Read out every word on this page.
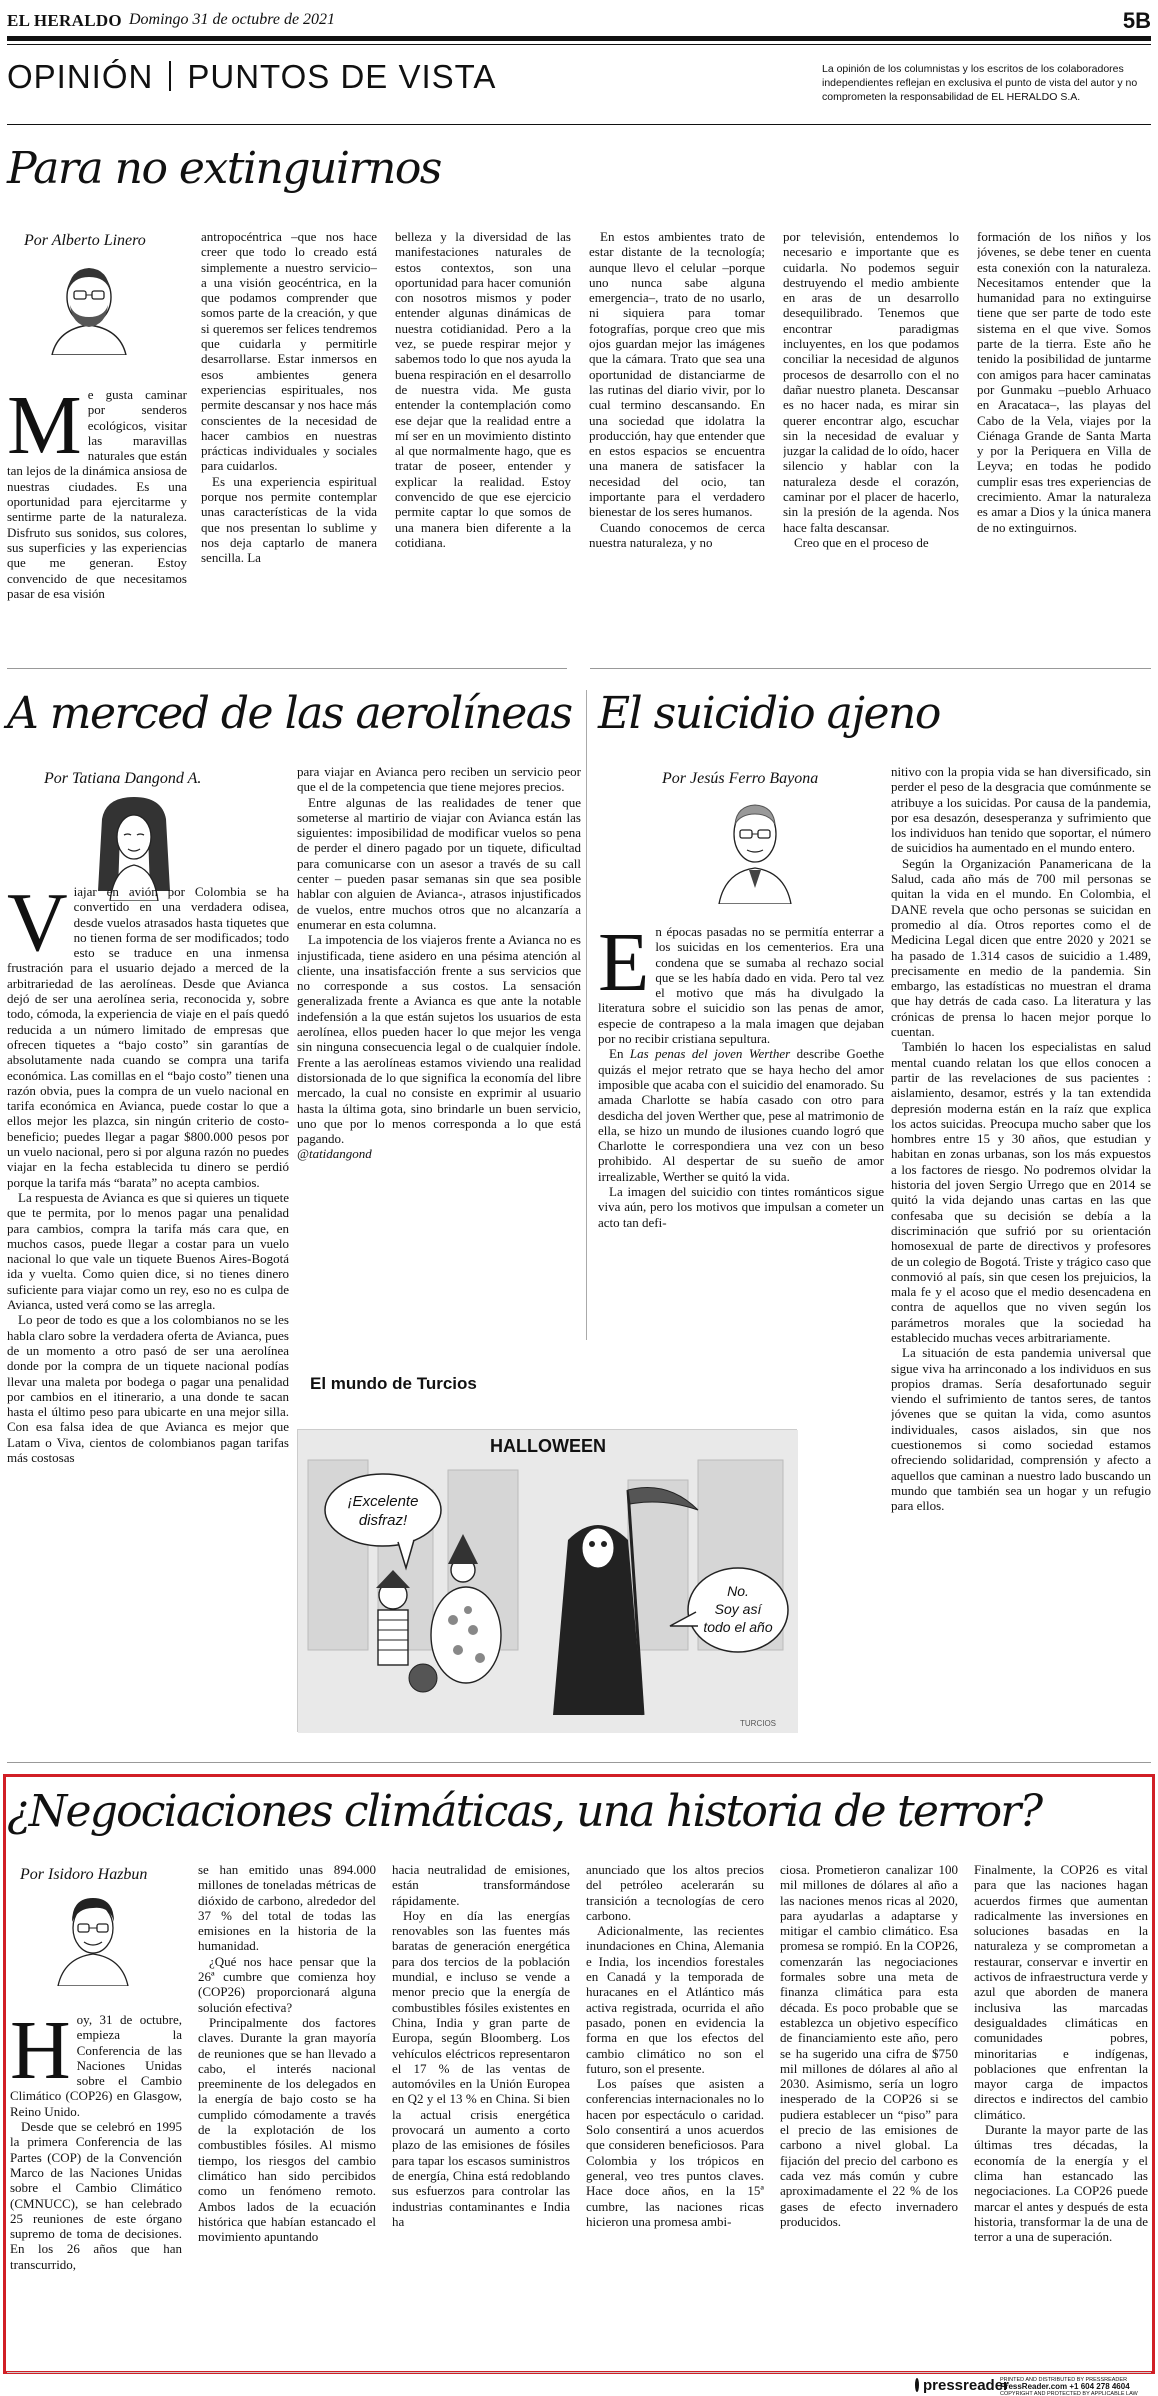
EL HERALDO Domingo 31 de octubre de 2021	5B
OPINIÓN PUNTOS DE VISTA	La opinión de los columnistas y los escritos de los colaboradores independientes reflejan en exclusiva el punto de vista del autor y no comprometen la responsabilidad de EL HERALDO S.A.
Para no extinguirnos
Por Alberto Linero
M e gusta caminar por senderos ecológicos, visitar las maravillas naturales que están tan lejos de la dinámica ansiosa de nuestras ciudades. Es una oportunidad para ejercitarme y sentirme parte de la naturaleza. Disfruto sus sonidos, sus colores, sus superficies y las experiencias que me generan. Estoy convencido de que necesitamos pasar de esa visión

antropocéntrica –que nos hace creer que todo lo creado está simplemente a nuestro servicio– a una visión geocéntrica, en la que podamos comprender que somos parte de la creación, y que si queremos ser felices tendremos que cuidarla y permitirle desarrollarse. Estar inmersos en esos ambientes genera experiencias espirituales, nos permite descansar y nos hace más conscientes de la necesidad de hacer cambios en nuestras prácticas individuales y sociales para cuidarlos.

Es una experiencia espiritual porque nos permite contemplar unas características de la vida que nos presentan lo sublime y nos deja captarlo de manera sencilla. La

belleza y la diversidad de las manifestaciones naturales de estos contextos, son una oportunidad para hacer comunión con nosotros mismos y poder entender algunas dinámicas de nuestra cotidianidad. Pero a la vez, se puede respirar mejor y sabemos todo lo que nos ayuda la buena respiración en el desarrollo de nuestra vida. Me gusta entender la contemplación como ese dejar que la realidad entre a mí ser en un movimiento distinto al que normalmente hago, que es tratar de poseer, entender y explicar la realidad. Estoy convencido de que ese ejercicio permite captar lo que somos de una manera bien diferente a la cotidiana.

En estos ambientes trato de estar distante de la tecnología; aunque llevo el celular –porque uno nunca sabe alguna emergencia–, trato de no usarlo, ni siquiera para tomar fotografías, porque creo que mis ojos guardan mejor las imágenes que la cámara. Trato que sea una oportunidad de distanciarme de las rutinas del diario vivir, por lo cual termino descansando. En una sociedad que idolatra la producción, hay que entender que en estos espacios se encuentra una manera de satisfacer la necesidad del ocio, tan importante para el verdadero bienestar de los seres humanos.

Cuando conocemos de cerca nuestra naturaleza, y no

por televisión, entendemos lo necesario e importante que es cuidarla. No podemos seguir destruyendo el medio ambiente en aras de un desarrollo desequilibrado. Tenemos que encontrar paradigmas incluyentes, en los que podamos conciliar la necesidad de algunos procesos de desarrollo con el no dañar nuestro planeta. Descansar es no hacer nada, es mirar sin querer encontrar algo, escuchar sin la necesidad de evaluar y juzgar la calidad de lo oído, hacer silencio y hablar con la naturaleza desde el corazón, caminar por el placer de hacerlo, sin la presión de la agenda. Nos hace falta descansar.

Creo que en el proceso de

formación de los niños y los jóvenes, se debe tener en cuenta esta conexión con la naturaleza. Necesitamos entender que la humanidad para no extinguirse tiene que ser parte de todo este sistema en el que vive. Somos parte de la tierra. Este año he tenido la posibilidad de juntarme con amigos para hacer caminatas por Gunmaku –pueblo Arhuaco en Aracataca–, las playas del Cabo de la Vela, viajes por la Ciénaga Grande de Santa Marta y por la Periquera en Villa de Leyva; en todas he podido cumplir esas tres experiencias de crecimiento. Amar la naturaleza es amar a Dios y la única manera de no extinguirnos.

A merced de las aerolíneas
Por Tatiana Dangond A.
V iajar en avión por Colombia se ha convertido en una verdadera odisea, desde vuelos atrasados hasta tiquetes que no tienen forma de ser modificados; todo esto se traduce en una inmensa frustración para el usuario dejado a merced de la arbitrariedad de las aerolíneas. Desde que Avianca dejó de ser una aerolínea seria, reconocida y, sobre todo, cómoda, la experiencia de viaje en el país quedó reducida a un número limitado de empresas que ofrecen tiquetes a “bajo costo” sin garantías de absolutamente nada cuando se compra una tarifa económica. Las comillas en el “bajo costo” tienen una razón obvia, pues la compra de un vuelo nacional en tarifa económica en Avianca, puede costar lo que a ellos mejor les plazca, sin ningún criterio de costo-beneficio; puedes llegar a pagar $800.000 pesos por un vuelo nacional, pero si por alguna razón no puedes viajar en la fecha establecida tu dinero se perdió porque la tarifa más “barata” no acepta cambios.

La respuesta de Avianca es que si quieres un tiquete que te permita, por lo menos pagar una penalidad para cambios, compra la tarifa más cara que, en muchos casos, puede llegar a costar para un vuelo nacional lo que vale un tiquete Buenos Aires-Bogotá ida y vuelta. Como quien dice, si no tienes dinero suficiente para viajar como un rey, eso no es culpa de Avianca, usted verá como se las arregla.

Lo peor de todo es que a los colombianos no se les habla claro sobre la verdadera oferta de Avianca, pues de un momento a otro pasó de ser una aerolínea donde por la compra de un tiquete nacional podías llevar una maleta por bodega o pagar una penalidad por cambios en el itinerario, a una donde te sacan hasta el último peso para ubicarte en una mejor silla. Con esa falsa idea de que Avianca es mejor que Latam o Viva, cientos de colombianos pagan tarifas más costosas

para viajar en Avianca pero reciben un servicio peor que el de la competencia que tiene mejores precios.

Entre algunas de las realidades de tener que someterse al martirio de viajar con Avianca están las siguientes: imposibilidad de modificar vuelos so pena de perder el dinero pagado por un tiquete, dificultad para comunicarse con un asesor a través de su call center – pueden pasar semanas sin que sea posible hablar con alguien de Avianca-, atrasos injustificados de vuelos, entre muchos otros que no alcanzaría a enumerar en esta columna.

La impotencia de los viajeros frente a Avianca no es injustificada, tiene asidero en una pésima atención al cliente, una insatisfacción frente a sus servicios que no corresponde a sus costos. La sensación generalizada frente a Avianca es que ante la notable indefensión a la que están sujetos los usuarios de esta aerolínea, ellos pueden hacer lo que mejor les venga sin ninguna consecuencia legal o de cualquier índole. Frente a las aerolíneas estamos viviendo una realidad distorsionada de lo que significa la economía del libre mercado, la cual no consiste en exprimir al usuario hasta la última gota, sino brindarle un buen servicio, uno que por lo menos corresponda a lo que está pagando.

@tatidangond

El suicidio ajeno
Por Jesús Ferro Bayona
E n épocas pasadas no se permitía enterrar a los suicidas en los cementerios. Era una condena que se sumaba al rechazo social que se les había dado en vida. Pero tal vez el motivo que más ha divulgado la literatura sobre el suicidio son las penas de amor, especie de contrapeso a la mala imagen que dejaban por no recibir cristiana sepultura.

En Las penas del joven Werther describe Goethe quizás el mejor retrato que se haya hecho del amor imposible que acaba con el suicidio del enamorado. Su amada Charlotte se había casado con otro para desdicha del joven Werther que, pese al matrimonio de ella, se hizo un mundo de ilusiones cuando logró que Charlotte le correspondiera una vez con un beso prohibido. Al despertar de su sueño de amor irrealizable, Werther se quitó la vida.

La imagen del suicidio con tintes románticos sigue viva aún, pero los motivos que impulsan a cometer un acto tan defi-

nitivo con la propia vida se han diversificado, sin perder el peso de la desgracia que comúnmente se atribuye a los suicidas. Por causa de la pandemia, por esa desazón, desesperanza y sufrimiento que los individuos han tenido que soportar, el número de suicidios ha aumentado en el mundo entero.

Según la Organización Panamericana de la Salud, cada año más de 700 mil personas se quitan la vida en el mundo. En Colombia, el DANE revela que ocho personas se suicidan en promedio al día. Otros reportes como el de Medicina Legal dicen que entre 2020 y 2021 se ha pasado de 1.314 casos de suicidio a 1.489, precisamente en medio de la pandemia. Sin embargo, las estadísticas no muestran el drama que hay detrás de cada caso. La literatura y las crónicas de prensa lo hacen mejor porque lo cuentan.

También lo hacen los especialistas en salud mental cuando relatan los que ellos conocen a partir de las revelaciones de sus pacientes : aislamiento, desamor, estrés y la tan extendida depresión moderna están en la raíz que explica los actos suicidas. Preocupa mucho saber que los hombres entre 15 y 30 años, que estudian y habitan en zonas urbanas, son los más expuestos a los factores de riesgo. No podremos olvidar la historia del joven Sergio Urrego que en 2014 se quitó la vida dejando unas cartas en las que confesaba que su decisión se debía a la discriminación que sufrió por su orientación homosexual de parte de directivos y profesores de un colegio de Bogotá. Triste y trágico caso que conmovió al país, sin que cesen los prejuicios, la mala fe y el acoso que el medio desencadena en contra de aquellos que no viven según los parámetros morales que la sociedad ha establecido muchas veces arbitrariamente.

La situación de esta pandemia universal que sigue viva ha arrinconado a los individuos en sus propios dramas. Sería desafortunado seguir viendo el sufrimiento de tantos seres, de tantos jóvenes que se quitan la vida, como asuntos individuales, casos aislados, sin que nos cuestionemos si como sociedad estamos ofreciendo solidaridad, comprensión y afecto a aquellos que caminan a nuestro lado buscando un mundo que también sea un hogar y un refugio para ellos.

El mundo de Turcios
HALLOWEEN
¡Excelente
disfraz!
No.
Soy así
todo el año
TURCIOS
¿Negociaciones climáticas, una historia de terror?
Por Isidoro Hazbun
H oy, 31 de octubre, empieza la Conferencia de las Naciones Unidas sobre el Cambio Climático (COP26) en Glasgow, Reino Unido.

Desde que se celebró en 1995 la primera Conferencia de las Partes (COP) de la Convención Marco de las Naciones Unidas sobre el Cambio Climático (CMNUCC), se han celebrado 25 reuniones de este órgano supremo de toma de decisiones. En los 26 años que han transcurrido,

se han emitido unas 894.000 millones de toneladas métricas de dióxido de carbono, alrededor del 37 % del total de todas las emisiones en la historia de la humanidad.

¿Qué nos hace pensar que la 26ª cumbre que comienza hoy (COP26) proporcionará alguna solución efectiva?

Principalmente dos factores claves. Durante la gran mayoría de reuniones que se han llevado a cabo, el interés nacional preeminente de los delegados en la energía de bajo costo se ha cumplido cómodamente a través de la explotación de los combustibles fósiles. Al mismo tiempo, los riesgos del cambio climático han sido percibidos como un fenómeno remoto. Ambos lados de la ecuación histórica que habían estancado el movimiento apuntando

hacia neutralidad de emisiones, están transformándose rápidamente.

Hoy en día las energías renovables son las fuentes más baratas de generación energética para dos tercios de la población mundial, e incluso se vende a menor precio que la energía de combustibles fósiles existentes en China, India y gran parte de Europa, según Bloomberg. Los vehículos eléctricos representaron el 17 % de las ventas de automóviles en la Unión Europea en Q2 y el 13 % en China. Si bien la actual crisis energética provocará un aumento a corto plazo de las emisiones de fósiles para tapar los escasos suministros de energía, China está redoblando sus esfuerzos para controlar las industrias contaminantes e India ha

anunciado que los altos precios del petróleo acelerarán su transición a tecnologías de cero carbono.

Adicionalmente, las recientes inundaciones en China, Alemania e India, los incendios forestales en Canadá y la temporada de huracanes en el Atlántico más activa registrada, ocurrida el año pasado, ponen en evidencia la forma en que los efectos del cambio climático no son el futuro, son el presente.

Los países que asisten a conferencias internacionales no lo hacen por espectáculo o caridad. Solo consentirá a unos acuerdos que consideren beneficiosos. Para Colombia y los trópicos en general, veo tres puntos claves. Hace doce años, en la 15ª cumbre, las naciones ricas hicieron una promesa ambi-

ciosa. Prometieron canalizar 100 mil millones de dólares al año a las naciones menos ricas al 2020, para ayudarlas a adaptarse y mitigar el cambio climático. Esa promesa se rompió. En la COP26, comenzarán las negociaciones formales sobre una meta de finanza climática para esta década. Es poco probable que se establezca un objetivo específico de financiamiento este año, pero se ha sugerido una cifra de $750 mil millones de dólares al año al 2030. Asimismo, sería un logro inesperado de la COP26 si se pudiera establecer un “piso” para el precio de las emisiones de carbono a nivel global. La fijación del precio del carbono es cada vez más común y cubre aproximadamente el 22 % de los gases de efecto invernadero producidos.

Finalmente, la COP26 es vital para que las naciones hagan acuerdos firmes que aumentan radicalmente las inversiones en soluciones basadas en la naturaleza y se comprometan a restaurar, conservar e invertir en activos de infraestructura verde y azul que aborden de manera inclusiva las marcadas desigualdades climáticas en comunidades pobres, minoritarias e indígenas, poblaciones que enfrentan la mayor carga de impactos directos e indirectos del cambio climático.

Durante la mayor parte de las últimas tres décadas, la economía de la energía y el clima han estancado las negociaciones. La COP26 puede marcar el antes y después de esta historia, transformar la de una de terror a una de superación.

pressreader
PRINTED AND DISTRIBUTED BY PRESSREADER
PressReader.com +1 604 278 4604
COPYRIGHT AND PROTECTED BY APPLICABLE LAW
